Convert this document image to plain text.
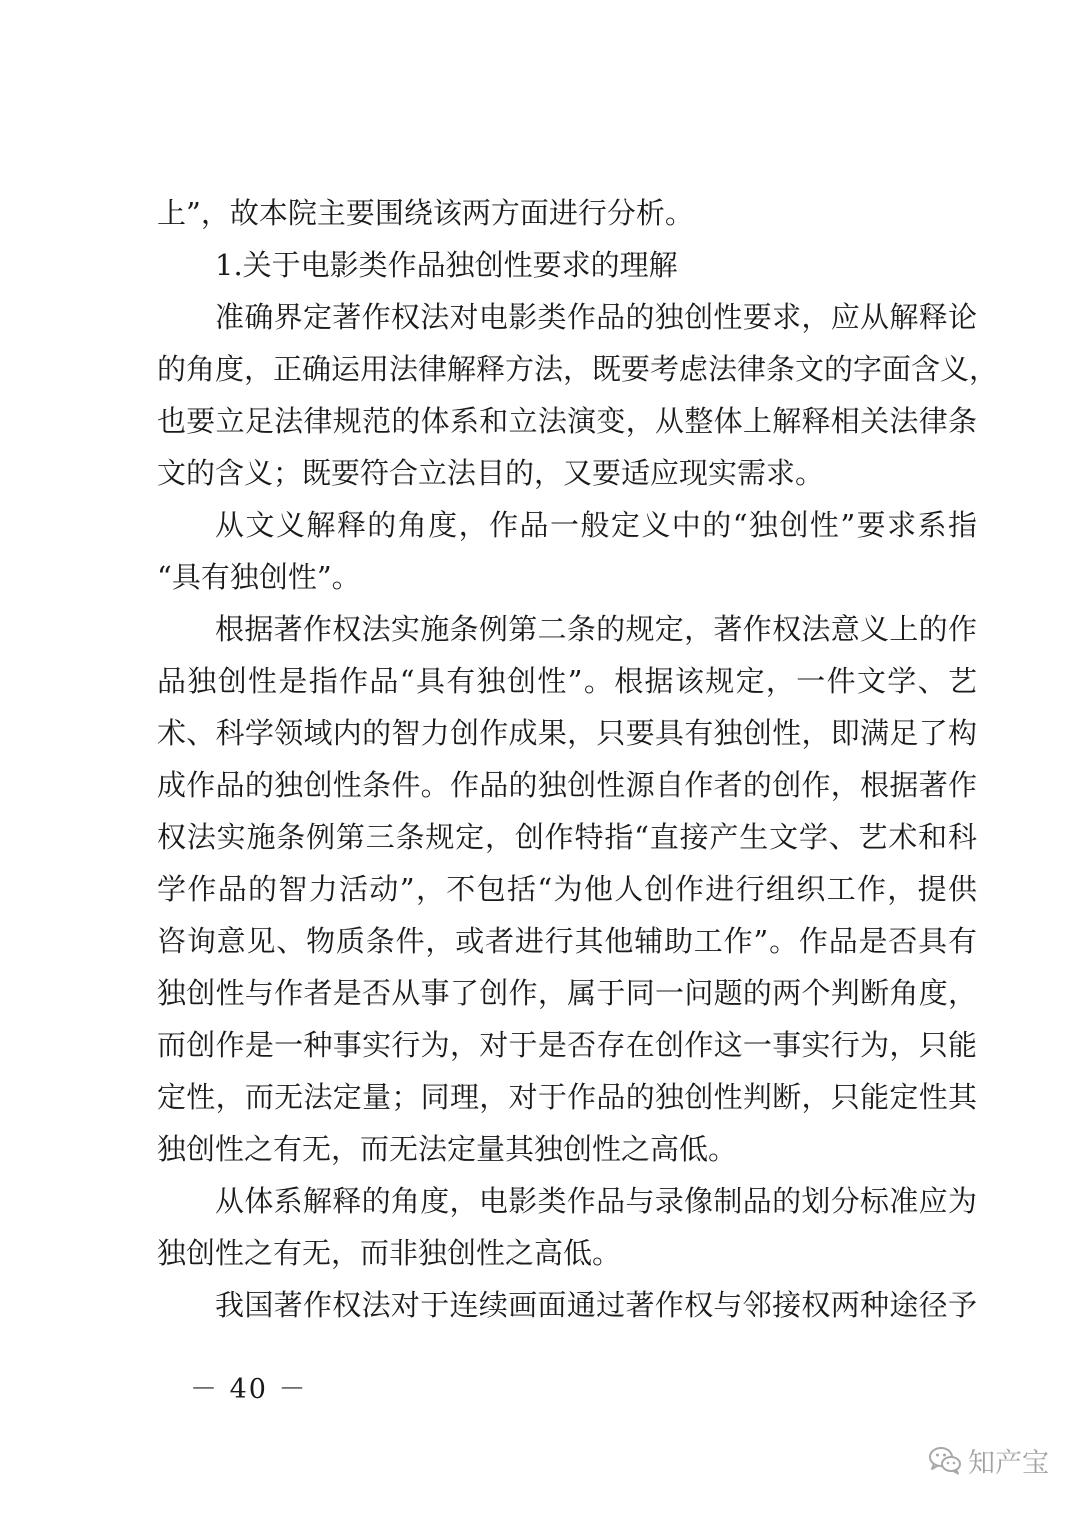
上”，故本院主要围绕该两方面进行分析。
1.关于电影类作品独创性要求的理解
准确界定著作权法对电影类作品的独创性要求，应从解释论
的角度，正确运用法律解释方法，既要考虑法律条文的字面含义，
也要立足法律规范的体系和立法演变，从整体上解释相关法律条
文的含义；既要符合立法目的，又要适应现实需求。
从文义解释的角度，作品一般定义中的“独创性”要求系指
“具有独创性”。
根据著作权法实施条例第二条的规定，著作权法意义上的作
品独创性是指作品“具有独创性”。根据该规定，一件文学、艺
术、科学领域内的智力创作成果，只要具有独创性，即满足了构
成作品的独创性条件。作品的独创性源自作者的创作，根据著作
权法实施条例第三条规定，创作特指“直接产生文学、艺术和科
学作品的智力活动”，不包括“为他人创作进行组织工作，提供
咨询意见、物质条件，或者进行其他辅助工作”。作品是否具有
独创性与作者是否从事了创作，属于同一问题的两个判断角度，
而创作是一种事实行为，对于是否存在创作这一事实行为，只能
定性，而无法定量；同理，对于作品的独创性判断，只能定性其
独创性之有无，而无法定量其独创性之高低。
从体系解释的角度，电影类作品与录像制品的划分标准应为
独创性之有无，而非独创性之高低。
我国著作权法对于连续画面通过著作权与邻接权两种途径予
－ 40 －
知产宝
